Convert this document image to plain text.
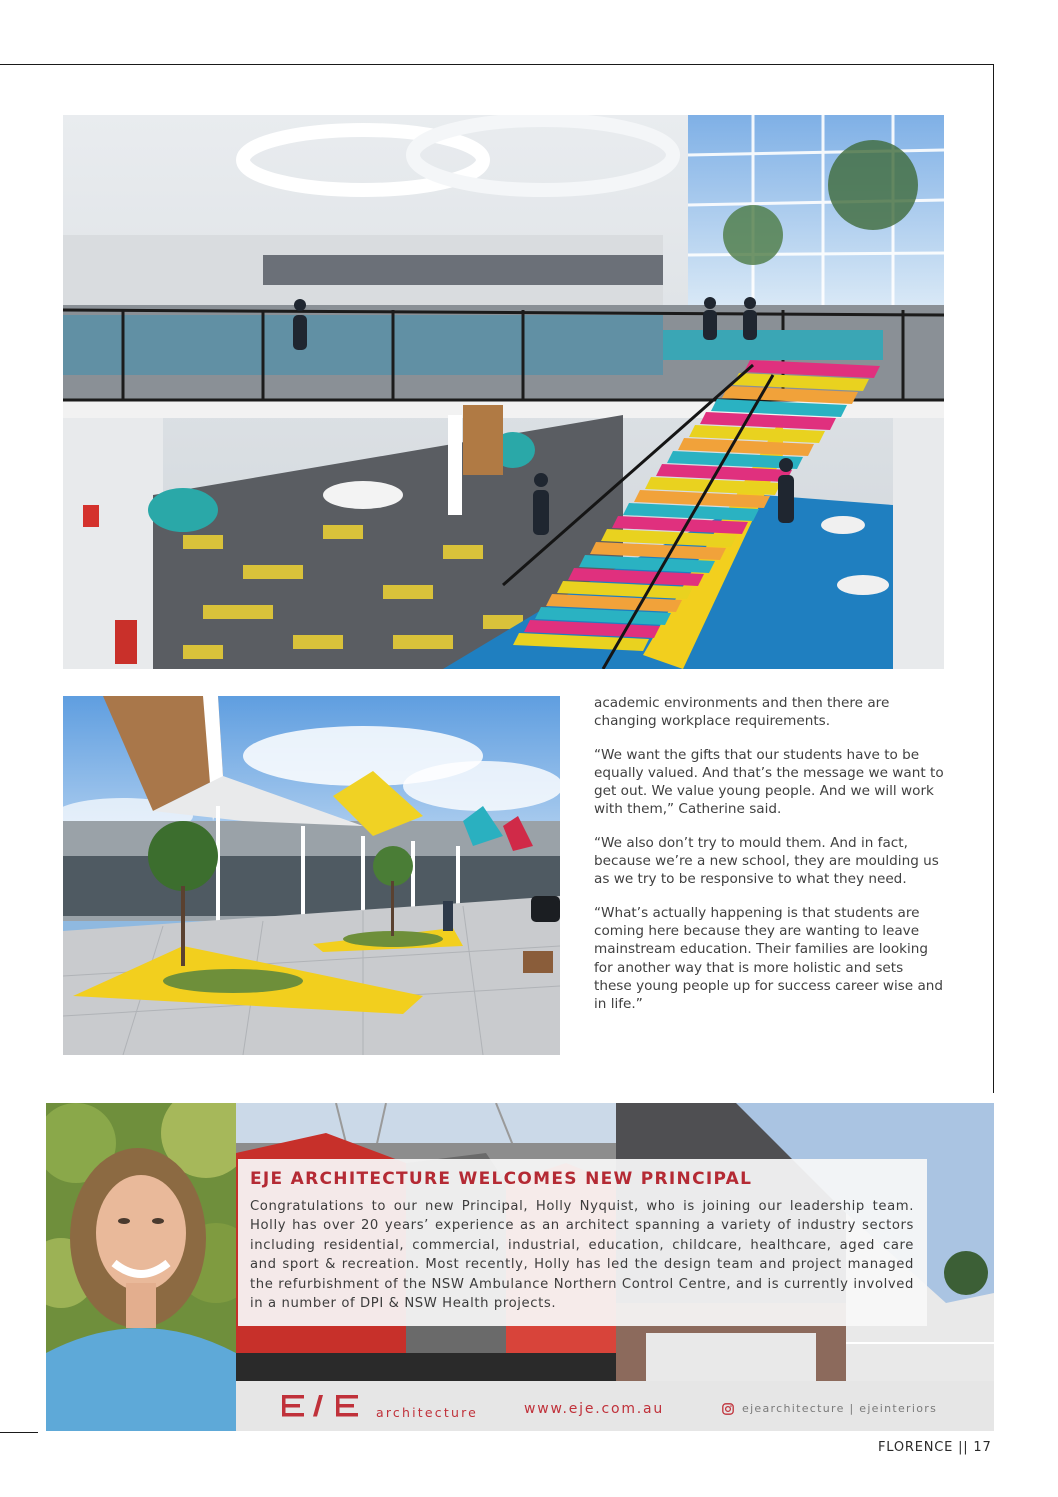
academic environments and then there are changing workplace requirements.

“We want the gifts that our students have to be equally valued. And that’s the message we want to get out. We value young people. And we will work with them,” Catherine said.

“We also don’t try to mould them. And in fact, because we’re a new school, they are moulding us as we try to be responsive to what they need.

“What’s actually happening is that students are coming here because they are wanting to leave mainstream education. Their families are looking for another way that is more holistic and sets these young people up for success career wise and in life.”

EJE ARCHITECTURE WELCOMES NEW PRINCIPAL
Congratulations to our new Principal, Holly Nyquist, who is joining our leadership team. Holly has over 20 years’ experience as an architect spanning a variety of industry sectors including residential, commercial, industrial, education, childcare, healthcare, aged care and sport & recreation. Most recently, Holly has led the design team and project managed the refurbishment of the NSW Ambulance Northern Control Centre, and is currently involved in a number of DPI & NSW Health projects.
architecture	www.eje.com.au	ejearchitecture | ejeinteriors
FLORENCE || 17
